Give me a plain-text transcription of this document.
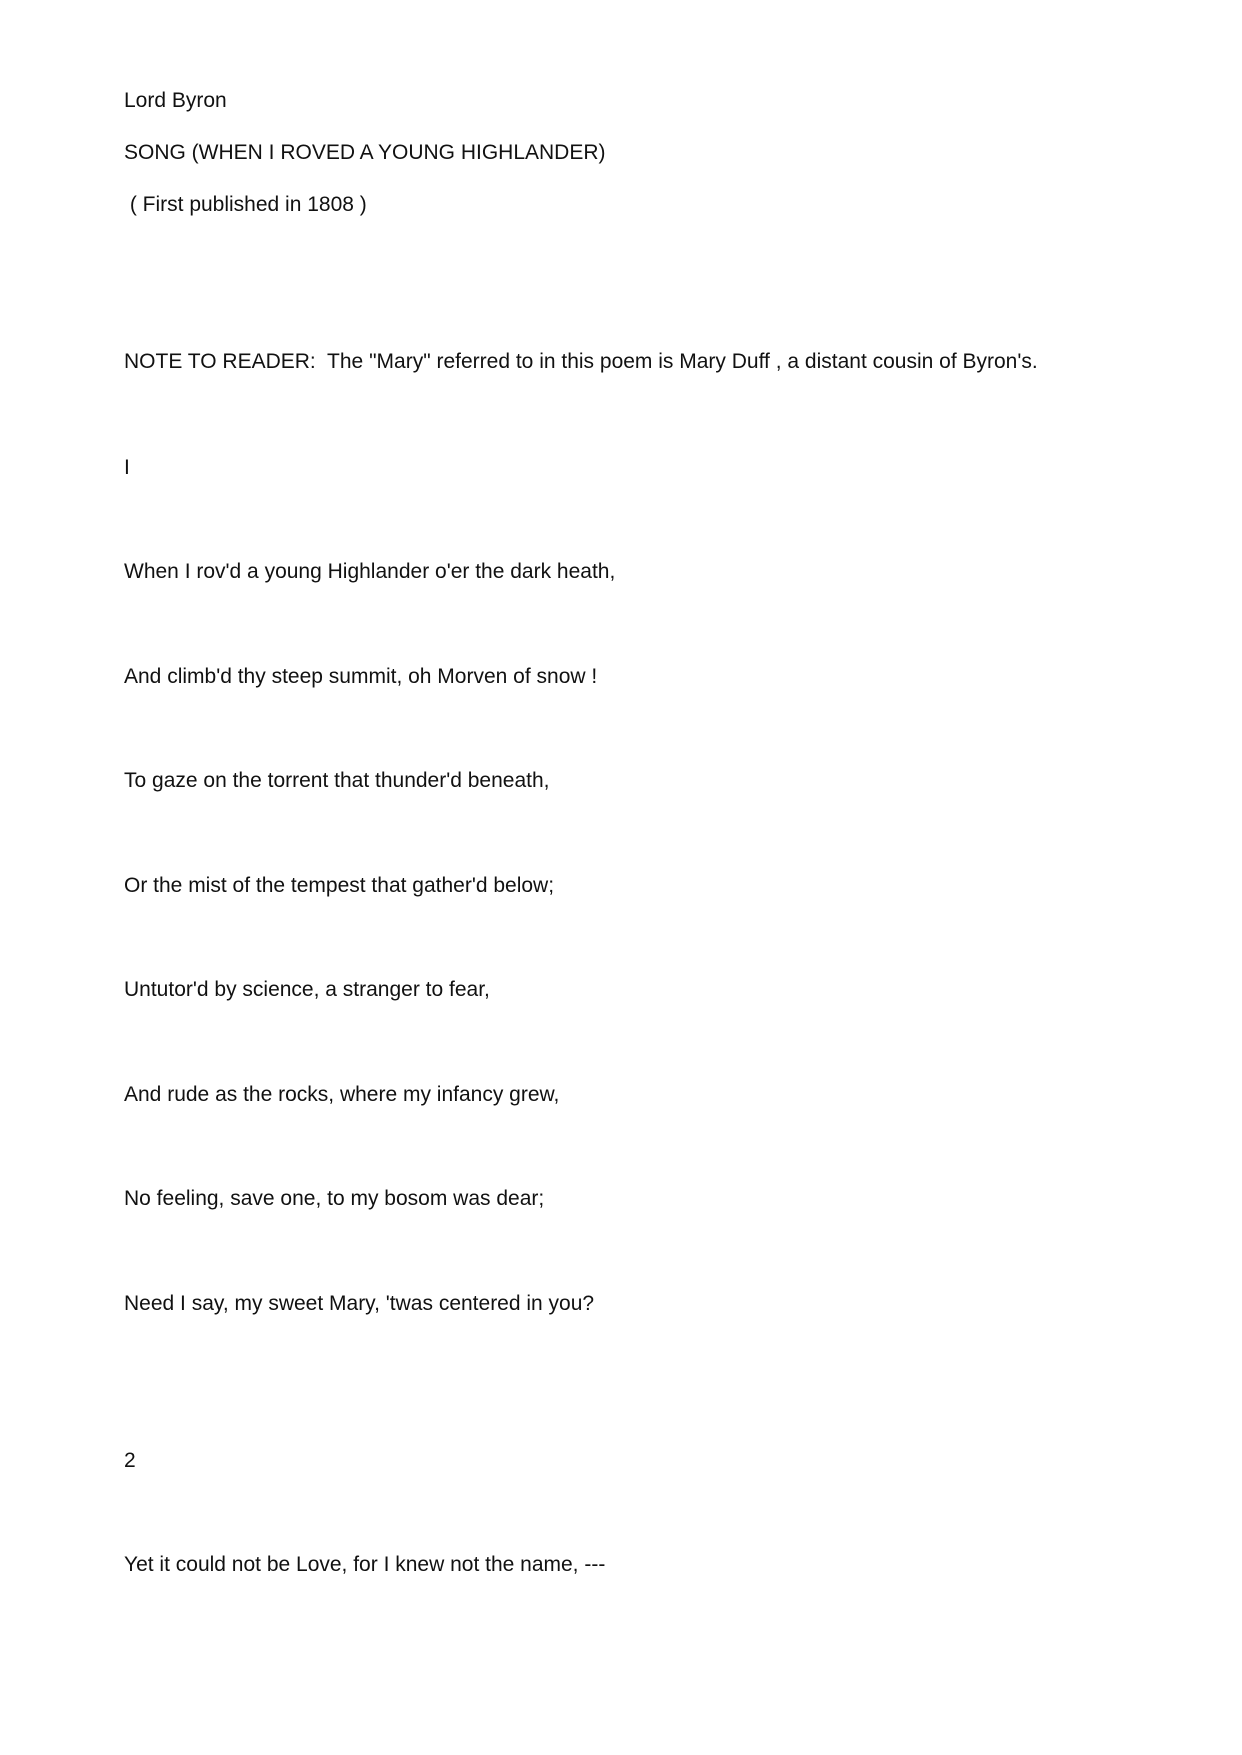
Lord Byron
SONG (WHEN I ROVED A YOUNG HIGHLANDER)
( First published in 1808 )
NOTE TO READER:  The "Mary" referred to in this poem is Mary Duff , a distant cousin of Byron's.
I
When I rov'd a young Highlander o'er the dark heath,
And climb'd thy steep summit, oh Morven of snow !
To gaze on the torrent that thunder'd beneath,
Or the mist of the tempest that gather'd below;
Untutor'd by science, a stranger to fear,
And rude as the rocks, where my infancy grew,
No feeling, save one, to my bosom was dear;
Need I say, my sweet Mary, 'twas centered in you?
2
Yet it could not be Love, for I knew not the name, ---
